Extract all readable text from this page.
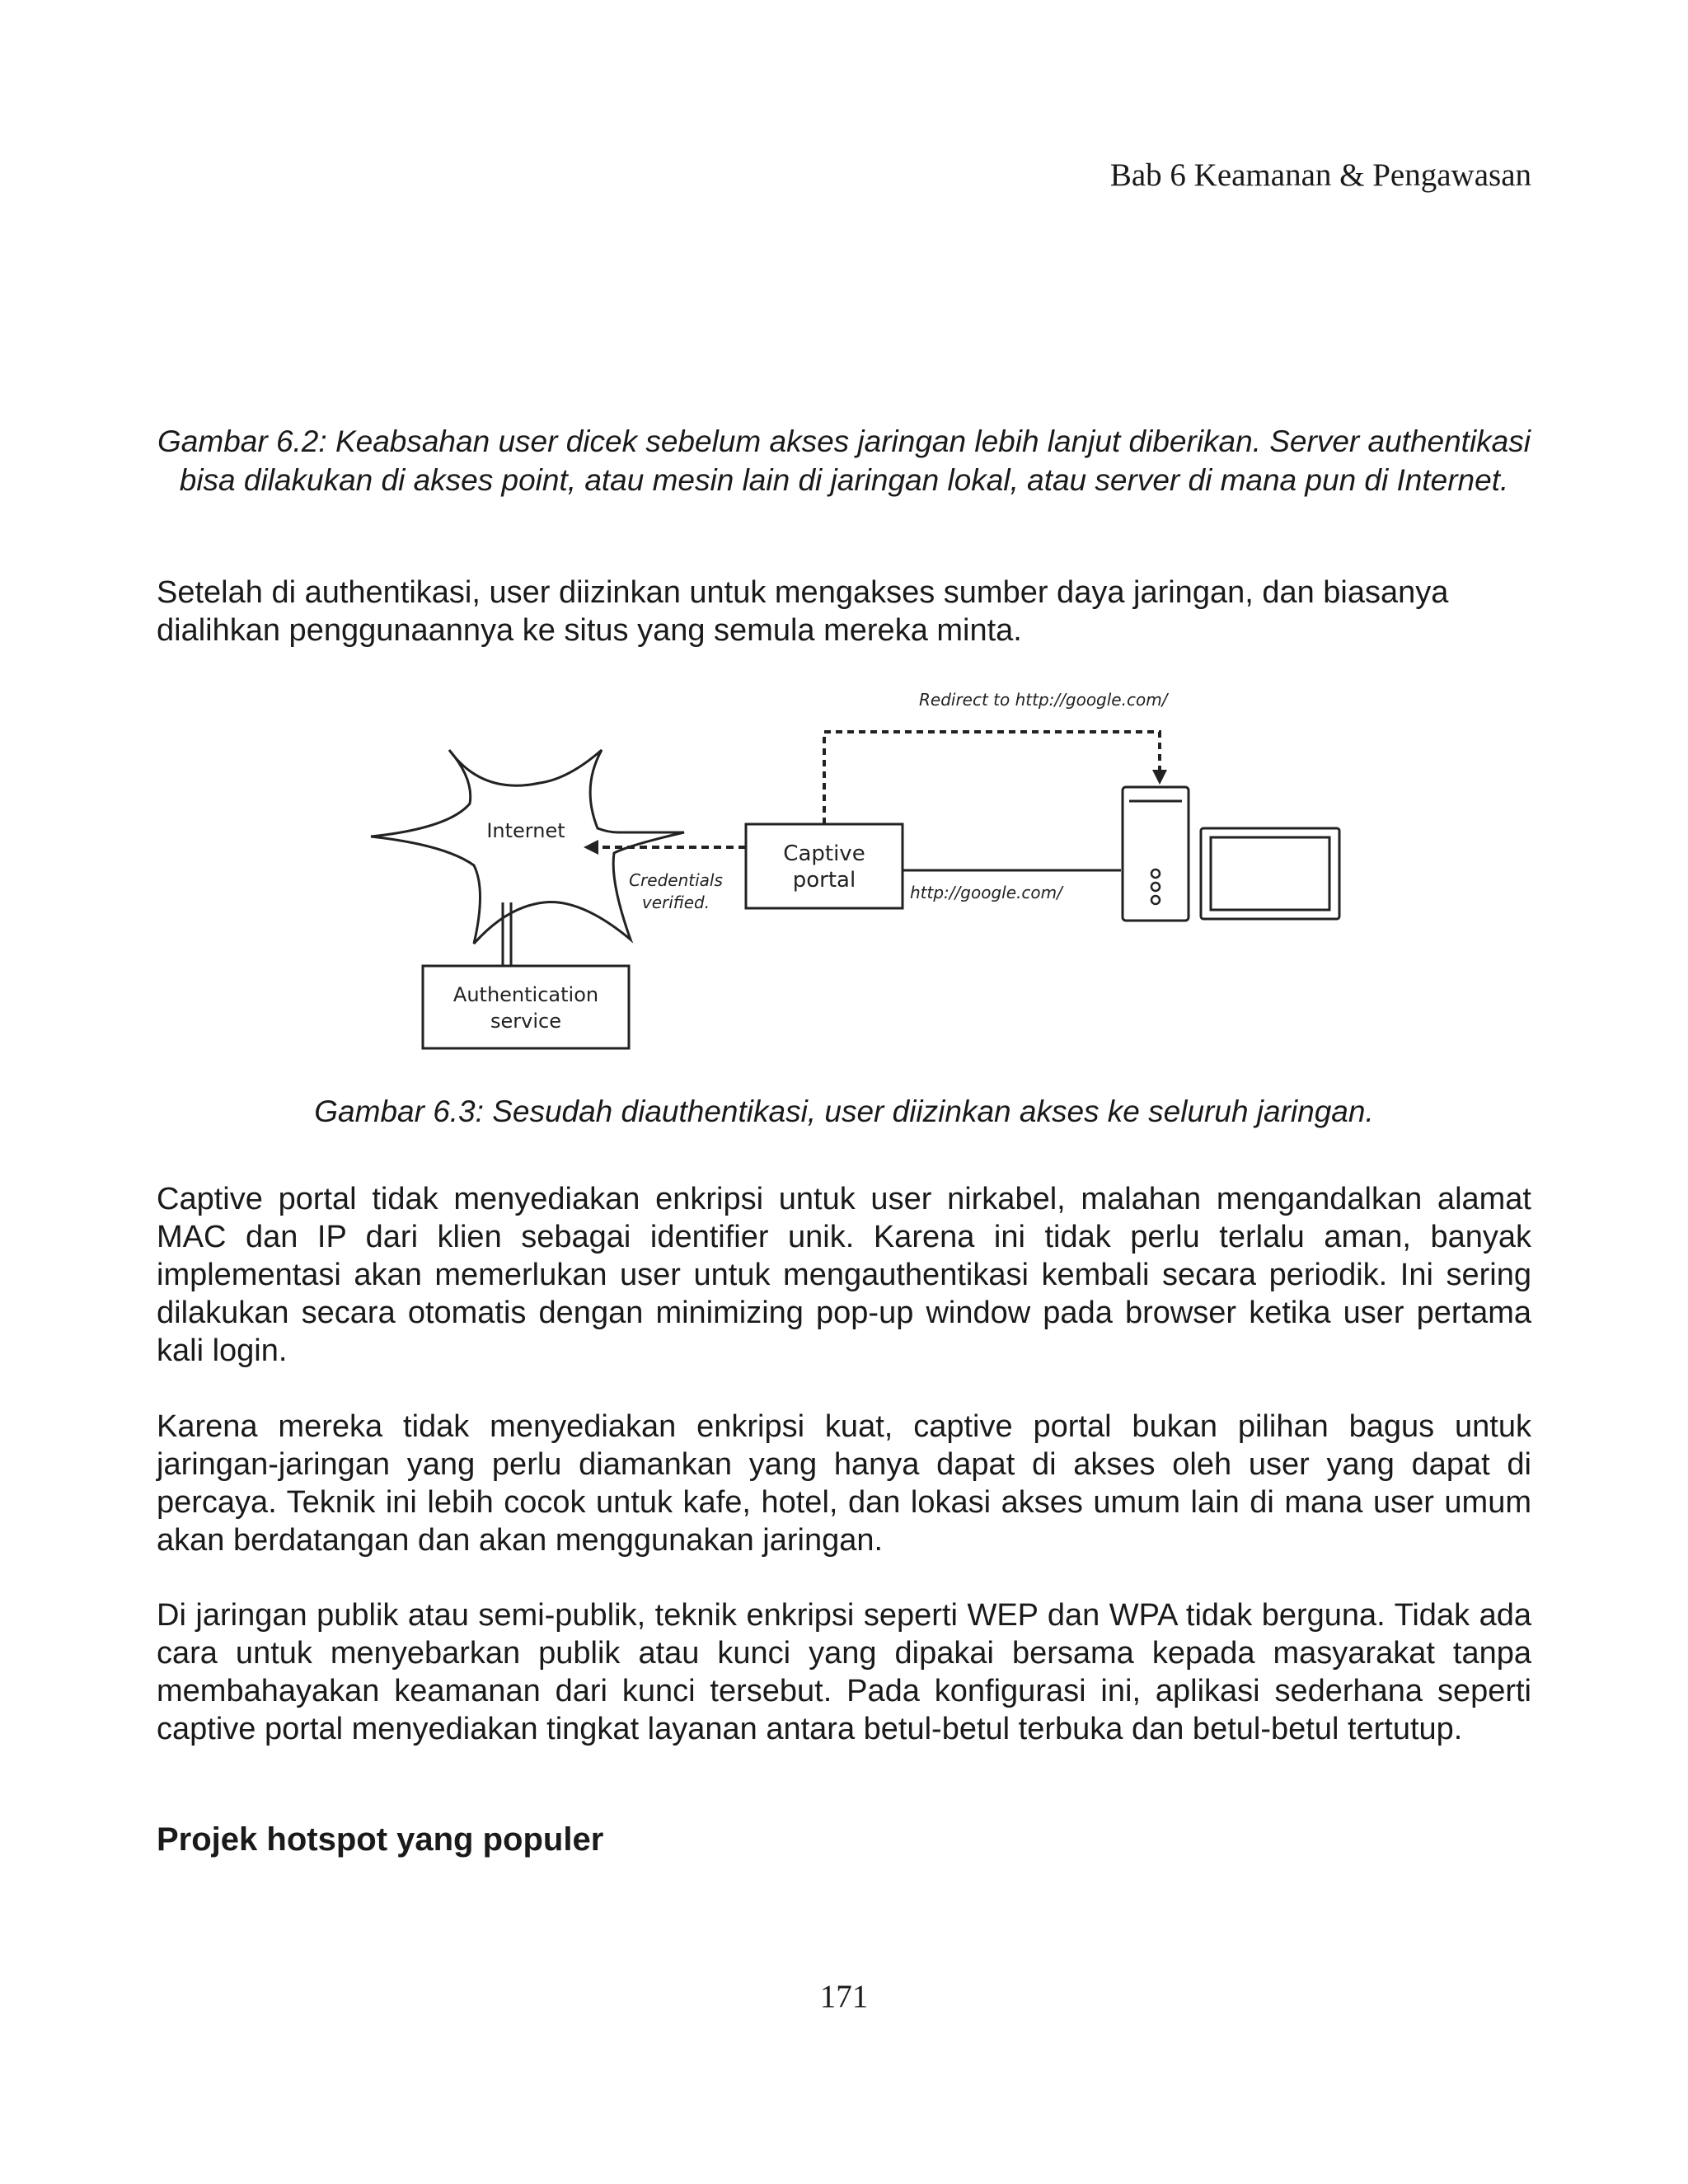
Bab 6 Keamanan & Pengawasan
Gambar 6.2: Keabsahan user dicek sebelum akses jaringan lebih lanjut diberikan. Server authentikasi bisa dilakukan di akses point, atau mesin lain di jaringan lokal, atau server di mana pun di Internet.

Setelah di authentikasi, user diizinkan untuk mengakses sumber daya jaringan, dan biasanya dialihkan penggunaannya ke situs yang semula mereka minta.

Internet
Authentication
service
Captive
portal
Credentials
verified.	http://google.com/
Redirect to http://google.com/
Gambar 6.3: Sesudah diauthentikasi, user diizinkan akses ke seluruh jaringan.

Captive portal tidak menyediakan enkripsi untuk user nirkabel, malahan mengandalkan alamat MAC dan IP dari klien sebagai identifier unik. Karena ini tidak perlu terlalu aman, banyak implementasi akan memerlukan user untuk mengauthentikasi kembali secara periodik. Ini sering dilakukan secara otomatis dengan minimizing pop-up window pada browser ketika user pertama kali login.

Karena mereka tidak menyediakan enkripsi kuat, captive portal bukan pilihan bagus untuk jaringan-jaringan yang perlu diamankan yang hanya dapat di akses oleh user yang dapat di percaya. Teknik ini lebih cocok untuk kafe, hotel, dan lokasi akses umum lain di mana user umum akan berdatangan dan akan menggunakan jaringan.

Di jaringan publik atau semi-publik, teknik enkripsi seperti WEP dan WPA tidak berguna. Tidak ada cara untuk menyebarkan publik atau kunci yang dipakai bersama kepada masyarakat tanpa membahayakan keamanan dari kunci tersebut. Pada konfigurasi ini, aplikasi sederhana seperti captive portal menyediakan tingkat layanan antara betul-betul terbuka dan betul-betul tertutup.

Projek hotspot yang populer
171
